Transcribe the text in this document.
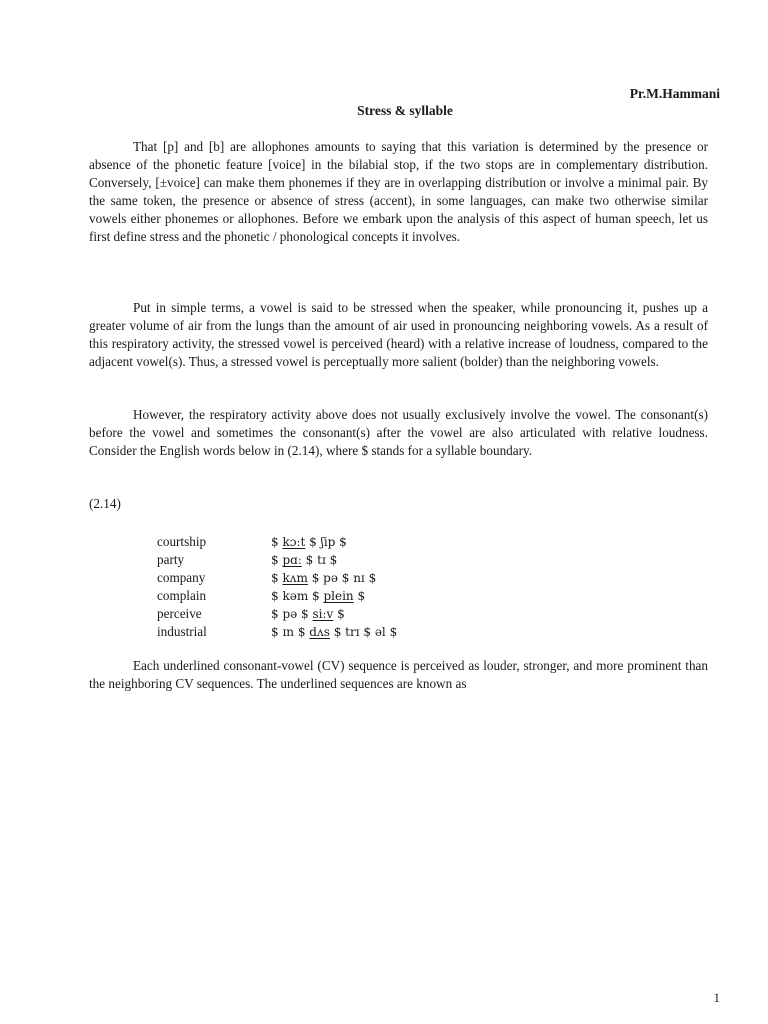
Pr.M.Hammani
Stress & syllable

That [p] and [b] are allophones amounts to saying that this variation is determined by the presence or absence of the phonetic feature [voice] in the bilabial stop, if the two stops are in complementary distribution. Conversely, [±voice] can make them phonemes if they are in overlapping distribution or involve a minimal pair. By the same token, the presence or absence of stress (accent), in some languages, can make two otherwise similar vowels either phonemes or allophones. Before we embark upon the analysis of this aspect of human speech, let us first define stress and the phonetic / phonological concepts it involves.

Put in simple terms, a vowel is said to be stressed when the speaker, while pronouncing it, pushes up a greater volume of air from the lungs than the amount of air used in pronouncing neighboring vowels. As a result of this respiratory activity, the stressed vowel is perceived (heard) with a relative increase of loudness, compared to the adjacent vowel(s). Thus, a stressed vowel is perceptually more salient (bolder) than the neighboring vowels.

However, the respiratory activity above does not usually exclusively involve the vowel. The consonant(s) before the vowel and sometimes the consonant(s) after the vowel are also articulated with relative loudness. Consider the English words below in (2.14), where $ stands for a syllable boundary.

(2.14)
courtship	$ kɔːt $ ʃip $
party	$ pɑː $ tɪ $
company	$ kʌm $ pə $ nɪ $
complain	$ kəm $ plein $
perceive	$ pə $ siːv $
industrial	$ ɪn $ dʌs $ trɪ $ əl $

Each underlined consonant-vowel (CV) sequence is perceived as louder, stronger, and more prominent than the neighboring CV sequences. The underlined sequences are known as

1
